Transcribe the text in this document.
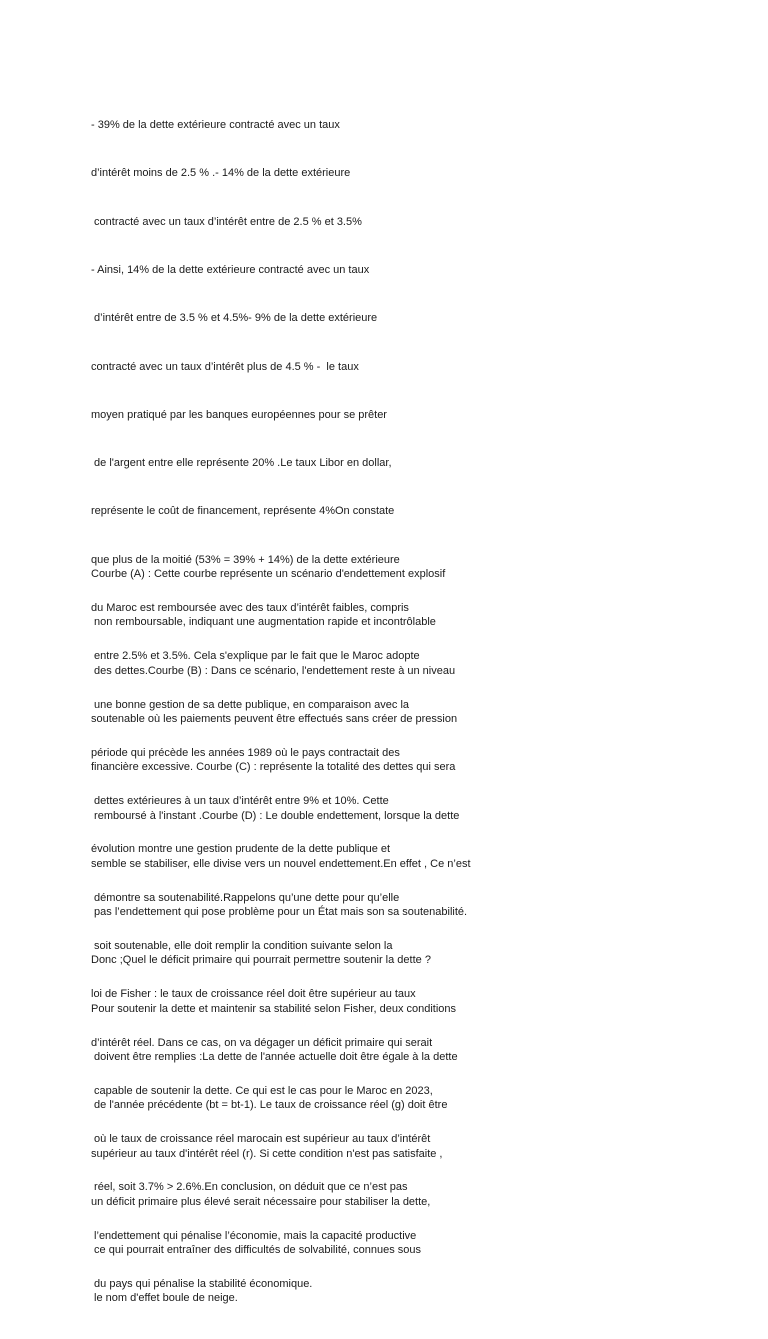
- 39% de la dette extérieure contracté avec un taux

d’intérêt moins de 2.5 % .- 14% de la dette extérieure

contracté avec un taux d’intérêt entre de 2.5 % et 3.5%

- Ainsi, 14% de la dette extérieure contracté avec un taux

d’intérêt entre de 3.5 % et 4.5%- 9% de la dette extérieure

contracté avec un taux d’intérêt plus de 4.5 % -  le taux

moyen pratiqué par les banques européennes pour se prêter

de l'argent entre elle représente 20% .Le taux Libor en dollar,

représente le coût de financement, représente 4%On constate

que plus de la moitié (53% = 39% + 14%) de la dette extérieure

du Maroc est remboursée avec des taux d’intérêt faibles, compris

entre 2.5% et 3.5%. Cela s'explique par le fait que le Maroc adopte

une bonne gestion de sa dette publique, en comparaison avec la

période qui précède les années 1989 où le pays contractait des

dettes extérieures à un taux d’intérêt entre 9% et 10%. Cette

évolution montre une gestion prudente de la dette publique et

démontre sa soutenabilité.Rappelons qu’une dette pour qu’elle

soit soutenable, elle doit remplir la condition suivante selon la

loi de Fisher : le taux de croissance réel doit être supérieur au taux

d’intérêt réel. Dans ce cas, on va dégager un déficit primaire qui serait

capable de soutenir la dette. Ce qui est le cas pour le Maroc en 2023,

où le taux de croissance réel marocain est supérieur au taux d’intérêt

réel, soit 3.7% > 2.6%.En conclusion, on déduit que ce n’est pas

l’endettement qui pénalise l’économie, mais la capacité productive

du pays qui pénalise la stabilité économique.

Courbe (A) : Cette courbe représente un scénario d'endettement explosif

non remboursable, indiquant une augmentation rapide et incontrôlable

des dettes.Courbe (B) : Dans ce scénario, l'endettement reste à un niveau

soutenable où les paiements peuvent être effectués sans créer de pression

financière excessive. Courbe (C) : représente la totalité des dettes qui sera

remboursé à l'instant .Courbe (D) : Le double endettement, lorsque la dette

semble se stabiliser, elle divise vers un nouvel endettement.En effet , Ce n’est

pas l’endettement qui pose problème pour un État mais son sa soutenabilité.

Donc ;Quel le déficit primaire qui pourrait permettre soutenir la dette ?

Pour soutenir la dette et maintenir sa stabilité selon Fisher, deux conditions

doivent être remplies :La dette de l'année actuelle doit être égale à la dette

de l'année précédente (bt = bt-1). Le taux de croissance réel (g) doit être

supérieur au taux d'intérêt réel (r). Si cette condition n'est pas satisfaite ,

un déficit primaire plus élevé serait nécessaire pour stabiliser la dette,

ce qui pourrait entraîner des difficultés de solvabilité, connues sous

le nom d'effet boule de neige.
